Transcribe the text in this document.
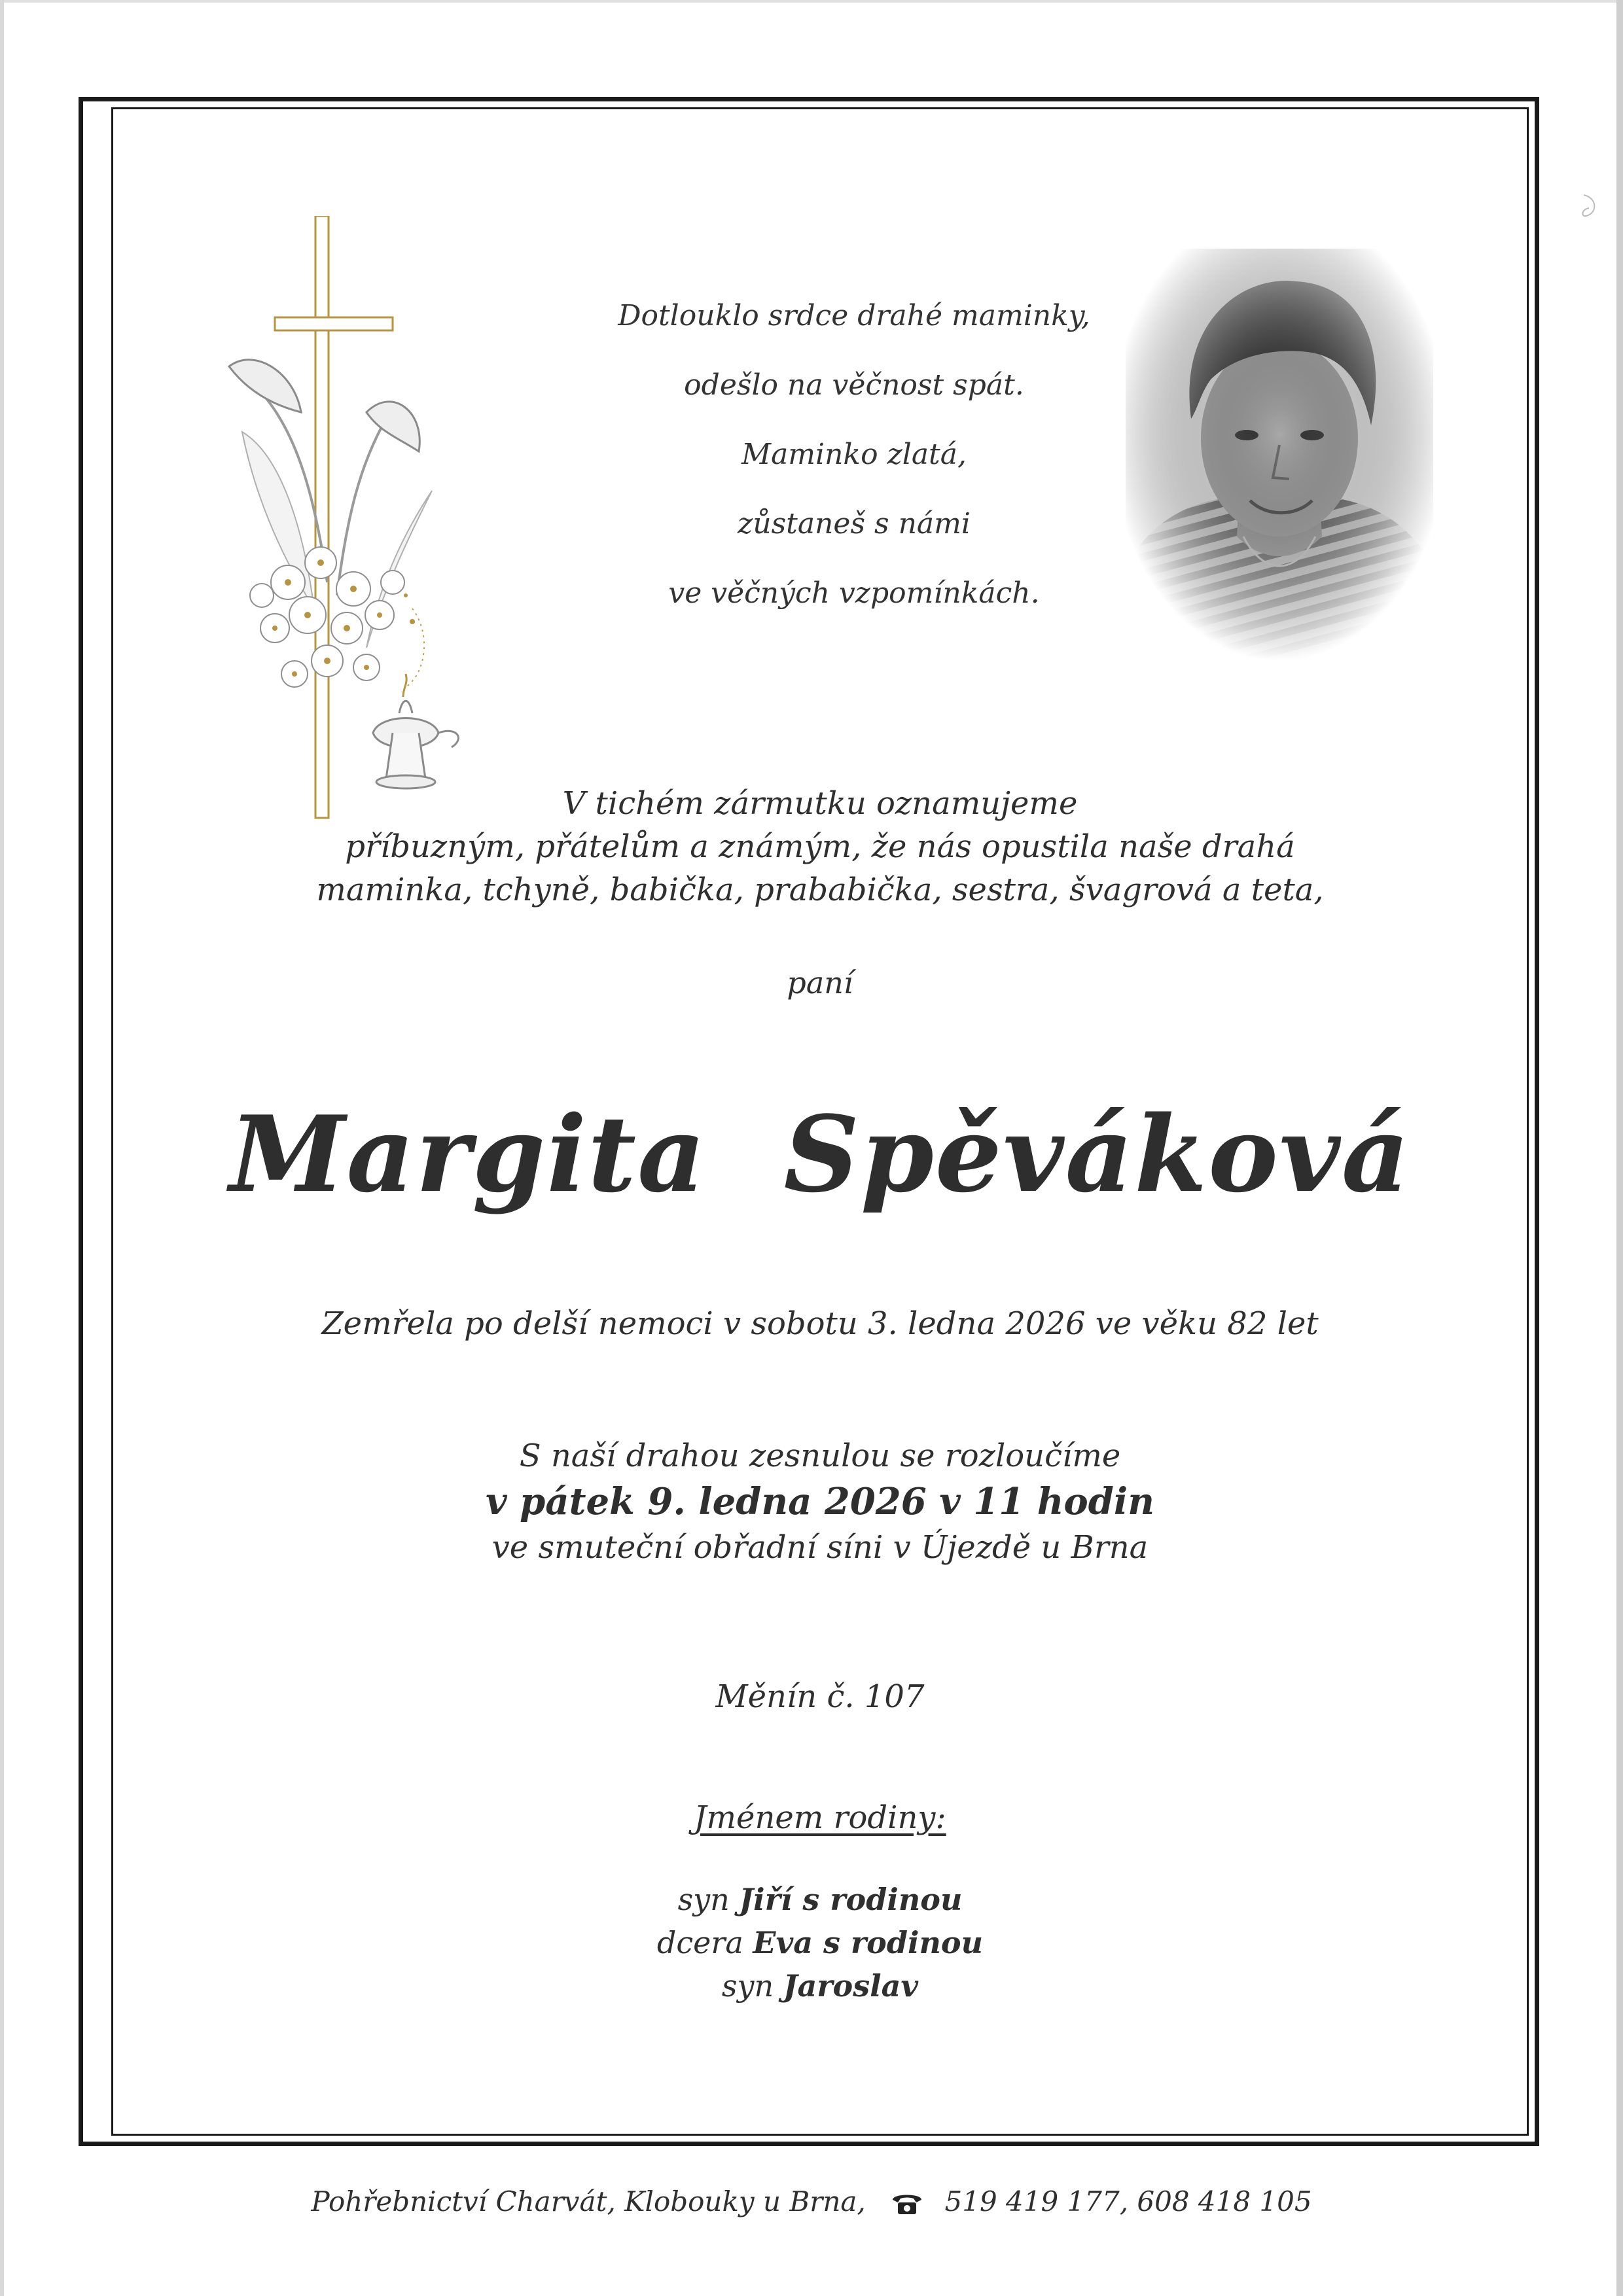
Dotlouklo srdce drahé maminky,
odešlo na věčnost spát.
Maminko zlatá,
zůstaneš s námi
ve věčných vzpomínkách.
V tichém zármutku oznamujeme
příbuzným, přátelům a známým, že nás opustila naše drahá
maminka, tchyně, babička, prababička, sestra, švagrová a teta,
paní
Margita Spěváková
Zemřela po delší nemoci v sobotu 3. ledna 2026 ve věku 82 let
S naší drahou zesnulou se rozloučíme
v pátek 9. ledna 2026 v 11 hodin
ve smuteční obřadní síni v Újezdě u Brna
Měnín č. 107
Jménem rodiny:
syn Jiří s rodinou
dcera Eva s rodinou
syn Jaroslav
Pohřebnictví Charvát, Klobouky u Brna,	519 419 177, 608 418 105
